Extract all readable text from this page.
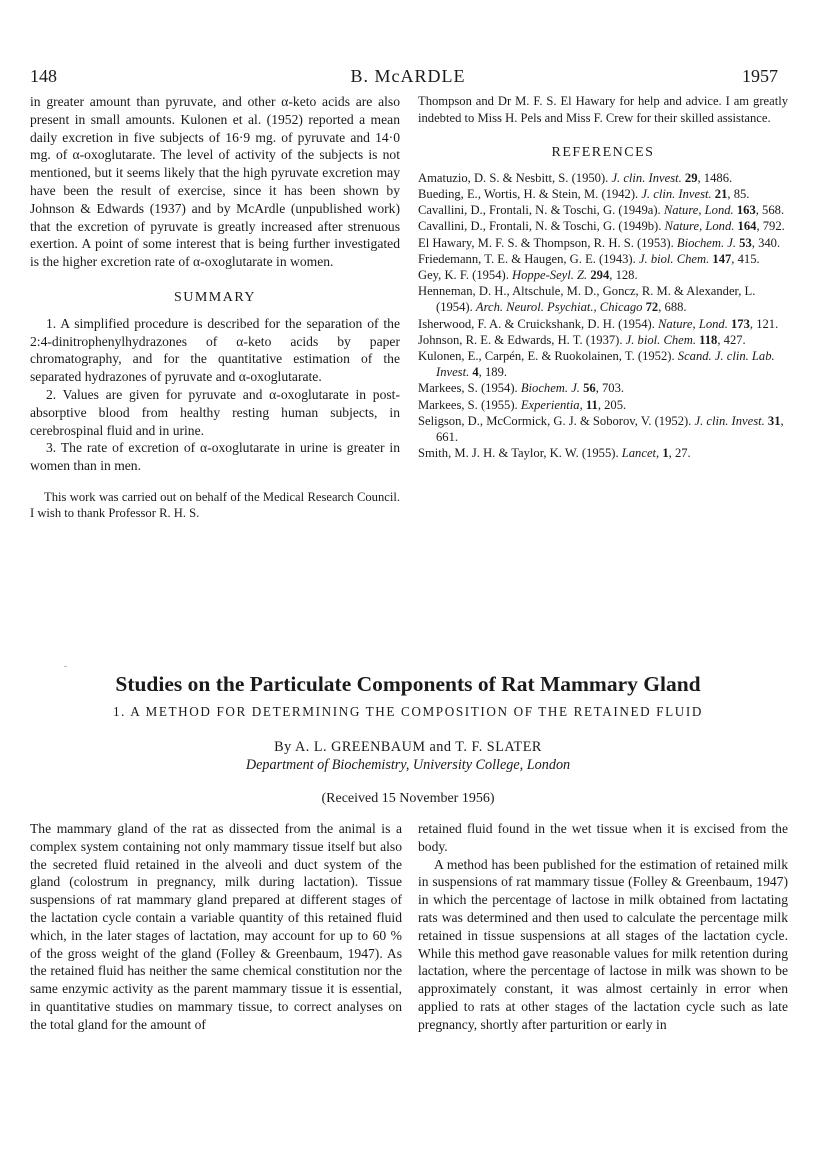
148	B. McARDLE	1957

in greater amount than pyruvate, and other α-keto acids are also present in small amounts. Kulonen et al. (1952) reported a mean daily excretion in five subjects of 16·9 mg. of pyruvate and 14·0 mg. of α-oxoglutarate. The level of activity of the subjects is not mentioned, but it seems likely that the high pyruvate excretion may have been the result of exercise, since it has been shown by Johnson & Edwards (1937) and by McArdle (unpublished work) that the excretion of pyruvate is greatly increased after strenuous exertion. A point of some interest that is being further investigated is the higher excretion rate of α-oxoglutarate in women.

SUMMARY

1. A simplified procedure is described for the separation of the 2:4-dinitrophenylhydrazones of α-keto acids by paper chromatography, and for the quantitative estimation of the separated hydrazones of pyruvate and α-oxoglutarate.

2. Values are given for pyruvate and α-oxoglutarate in post-absorptive blood from healthy resting human subjects, in cerebrospinal fluid and in urine.

3. The rate of excretion of α-oxoglutarate in urine is greater in women than in men.

This work was carried out on behalf of the Medical Research Council. I wish to thank Professor R. H. S.

Thompson and Dr M. F. S. El Hawary for help and advice. I am greatly indebted to Miss H. Pels and Miss F. Crew for their skilled assistance.

REFERENCES

Amatuzio, D. S. & Nesbitt, S. (1950). J. clin. Invest. 29, 1486.

Bueding, E., Wortis, H. & Stein, M. (1942). J. clin. Invest. 21, 85.

Cavallini, D., Frontali, N. & Toschi, G. (1949a). Nature, Lond. 163, 568.

Cavallini, D., Frontali, N. & Toschi, G. (1949b). Nature, Lond. 164, 792.

El Hawary, M. F. S. & Thompson, R. H. S. (1953). Biochem. J. 53, 340.

Friedemann, T. E. & Haugen, G. E. (1943). J. biol. Chem. 147, 415.

Gey, K. F. (1954). Hoppe-Seyl. Z. 294, 128.

Henneman, D. H., Altschule, M. D., Goncz, R. M. & Alexander, L. (1954). Arch. Neurol. Psychiat., Chicago 72, 688.

Isherwood, F. A. & Cruickshank, D. H. (1954). Nature, Lond. 173, 121.

Johnson, R. E. & Edwards, H. T. (1937). J. biol. Chem. 118, 427.

Kulonen, E., Carpén, E. & Ruokolainen, T. (1952). Scand. J. clin. Lab. Invest. 4, 189.

Markees, S. (1954). Biochem. J. 56, 703.

Markees, S. (1955). Experientia, 11, 205.

Seligson, D., McCormick, G. J. & Soborov, V. (1952). J. clin. Invest. 31, 661.

Smith, M. J. H. & Taylor, K. W. (1955). Lancet, 1, 27.

Studies on the Particulate Components of Rat Mammary Gland
1. A METHOD FOR DETERMINING THE COMPOSITION OF THE RETAINED FLUID
By A. L. GREENBAUM and T. F. SLATER
Department of Biochemistry, University College, London
(Received 15 November 1956)

The mammary gland of the rat as dissected from the animal is a complex system containing not only mammary tissue itself but also the secreted fluid retained in the alveoli and duct system of the gland (colostrum in pregnancy, milk during lactation). Tissue suspensions of rat mammary gland prepared at different stages of the lactation cycle contain a variable quantity of this retained fluid which, in the later stages of lactation, may account for up to 60 % of the gross weight of the gland (Folley & Greenbaum, 1947). As the retained fluid has neither the same chemical constitution nor the same enzymic activity as the parent mammary tissue it is essential, in quantitative studies on mammary tissue, to correct analyses on the total gland for the amount of

retained fluid found in the wet tissue when it is excised from the body.

A method has been published for the estimation of retained milk in suspensions of rat mammary tissue (Folley & Greenbaum, 1947) in which the percentage of lactose in milk obtained from lactating rats was determined and then used to calculate the percentage milk retained in tissue suspensions at all stages of the lactation cycle. While this method gave reasonable values for milk retention during lactation, where the percentage of lactose in milk was shown to be approximately constant, it was almost certainly in error when applied to rats at other stages of the lactation cycle such as late pregnancy, shortly after parturition or early in
